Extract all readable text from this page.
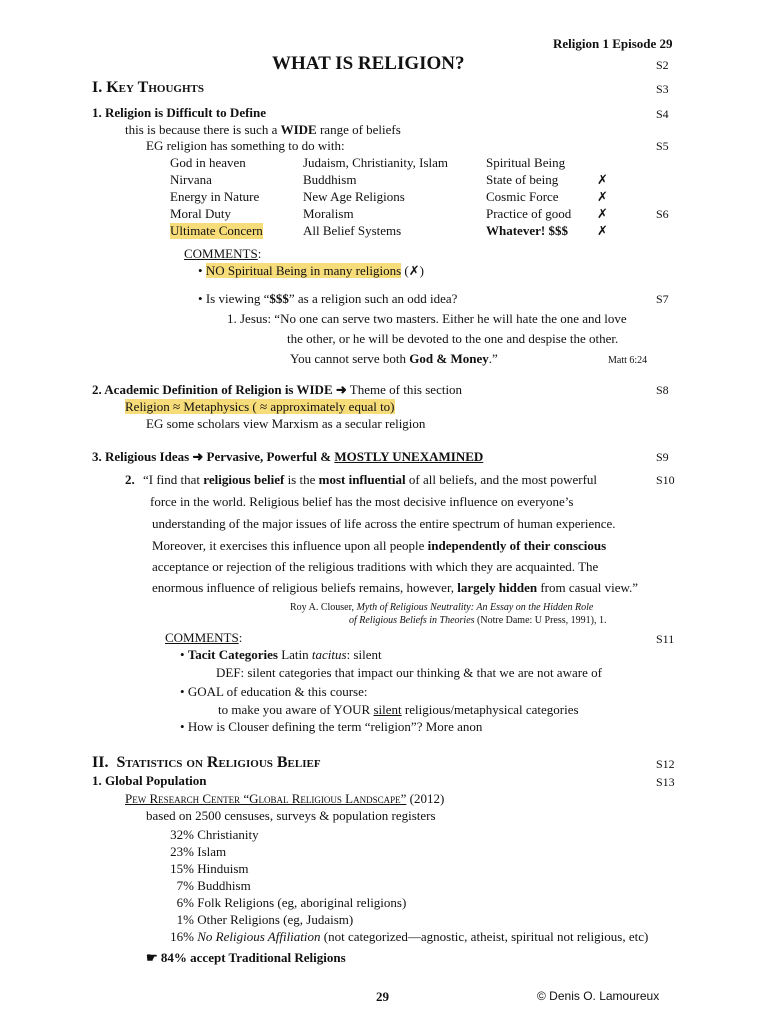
Religion 1 Episode 29
WHAT IS RELIGION?	S2
I. Key Thoughts	S3
1. Religion is Difficult to Define	S4
this is because there is such a WIDE range of beliefs
EG religion has something to do with:	S5
God in heaven	Judaism, Christianity, Islam	Spiritual Being
Nirvana	Buddhism	State of being	✗
Energy in Nature	New Age Religions	Cosmic Force	✗
Moral Duty	Moralism	Practice of good ✗	S6
Ultimate Concern	All Belief Systems	Whatever! $$$ ✗
COMMENTS:
• NO Spiritual Being in many religions (✗)
• Is viewing “$$$” as a religion such an odd idea?	S7
1. Jesus: “No one can serve two masters. Either he will hate the one and love
the other, or he will be devoted to the one and despise the other.
You cannot serve both God & Money.”	Matt 6:24
2. Academic Definition of Religion is WIDE ➜ Theme of this section	S8
Religion ≈ Metaphysics ( ≈ approximately equal to)
EG some scholars view Marxism as a secular religion
3. Religious Ideas ➜ Pervasive, Powerful & MOSTLY UNEXAMINED	S9
2. “I find that religious belief is the most influential of all beliefs, and the most powerful	S10
force in the world. Religious belief has the most decisive influence on everyone’s
understanding of the major issues of life across the entire spectrum of human experience.
Moreover, it exercises this influence upon all people independently of their conscious
acceptance or rejection of the religious traditions with which they are acquainted. The
enormous influence of religious beliefs remains, however, largely hidden from casual view.”
Roy A. Clouser, Myth of Religious Neutrality: An Essay on the Hidden Role
of Religious Beliefs in Theories (Notre Dame: U Press, 1991), 1.
COMMENTS:	S11
• Tacit Categories Latin tacitus: silent
DEF: silent categories that impact our thinking & that we are not aware of
• GOAL of education & this course:
to make you aware of YOUR silent religious/metaphysical categories
• How is Clouser defining the term “religion”? More anon
II. Statistics on Religious Belief	S12
1. Global Population	S13
Pew Research Center “Global Religious Landscape” (2012)
based on 2500 censuses, surveys & population registers
32% Christianity
23% Islam
15% Hinduism
7% Buddhism
6% Folk Religions (eg, aboriginal religions)
1% Other Religions (eg, Judaism)
16% No Religious Affiliation (not categorized—agnostic, atheist, spiritual not religious, etc)
☛ 84% accept Traditional Religions
29	© Denis O. Lamoureux
